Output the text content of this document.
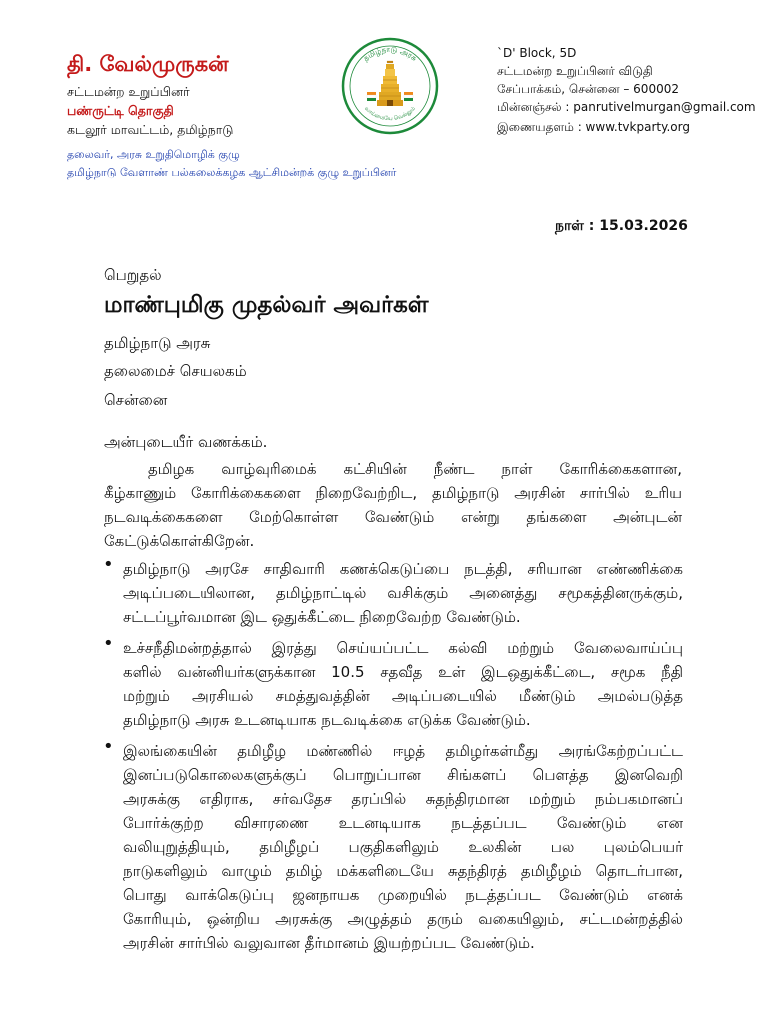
தி. வேல்முருகன்
சட்டமன்ற உறுப்பினர்
பண்ருட்டி தொகுதி
கடலூர் மாவட்டம், தமிழ்நாடு
தலைவர், அரசு உறுதிமொழிக் குழு
தமிழ்நாடு வேளாண் பல்கலைக்கழக ஆட்சிமன்றக் குழு உறுப்பினர்
தமிழ்நாடு அரசு
வாய்மையே வெல்லும்
`D' Block, 5D
சட்டமன்ற உறுப்பினர் விடுதி
சேப்பாக்கம், சென்னை – 600002
மின்னஞ்சல் : panrutivelmurgan@gmail.com
இணையதளம் : www.tvkparty.org
நாள் : 15.03.2026
பெறுதல்
மாண்புமிகு முதல்வர் அவர்கள்
தமிழ்நாடு அரசு
தலைமைச் செயலகம்
சென்னை
அன்புடையீர் வணக்கம்.
தமிழக வாழ்வுரிமைக் கட்சியின் நீண்ட நாள் கோரிக்கைகளான,
கீழ்காணும் கோரிக்கைகளை நிறைவேற்றிட, தமிழ்நாடு அரசின் சார்பில் உரிய
நடவடிக்கைகளை மேற்கொள்ள வேண்டும் என்று தங்களை அன்புடன்
கேட்டுக்கொள்கிறேன்.
• தமிழ்நாடு அரசே சாதிவாரி கணக்கெடுப்பை நடத்தி, சரியான எண்ணிக்கை
அடிப்படையிலான, தமிழ்நாட்டில் வசிக்கும் அனைத்து சமூகத்தினருக்கும்,
சட்டப்பூர்வமான இட ஒதுக்கீட்டை நிறைவேற்ற வேண்டும்.
• உச்சநீதிமன்றத்தால் இரத்து செய்யப்பட்ட கல்வி மற்றும் வேலைவாய்ப்பு
களில் வன்னியர்களுக்கான 10.5 சதவீத உள் இடஒதுக்கீட்டை, சமூக நீதி
மற்றும் அரசியல் சமத்துவத்தின் அடிப்படையில் மீண்டும் அமல்படுத்த
தமிழ்நாடு அரசு உடனடியாக நடவடிக்கை எடுக்க வேண்டும்.
• இலங்கையின் தமிழீழ மண்ணில் ஈழத் தமிழர்கள்மீது அரங்கேற்றப்பட்ட
இனப்படுகொலைகளுக்குப் பொறுப்பான சிங்களப் பௌத்த இனவெறி
அரசுக்கு எதிராக, சர்வதேச தரப்பில் சுதந்திரமான மற்றும் நம்பகமானப்
போர்க்குற்ற விசாரணை உடனடியாக நடத்தப்பட வேண்டும் என
வலியுறுத்தியும், தமிழீழப் பகுதிகளிலும் உலகின் பல புலம்பெயர்
நாடுகளிலும் வாழும் தமிழ் மக்களிடையே சுதந்திரத் தமிழீழம் தொடர்பான,
பொது வாக்கெடுப்பு ஜனநாயக முறையில் நடத்தப்பட வேண்டும் எனக்
கோரியும், ஒன்றிய அரசுக்கு அழுத்தம் தரும் வகையிலும், சட்டமன்றத்தில்
அரசின் சார்பில் வலுவான தீர்மானம் இயற்றப்பட வேண்டும்.
